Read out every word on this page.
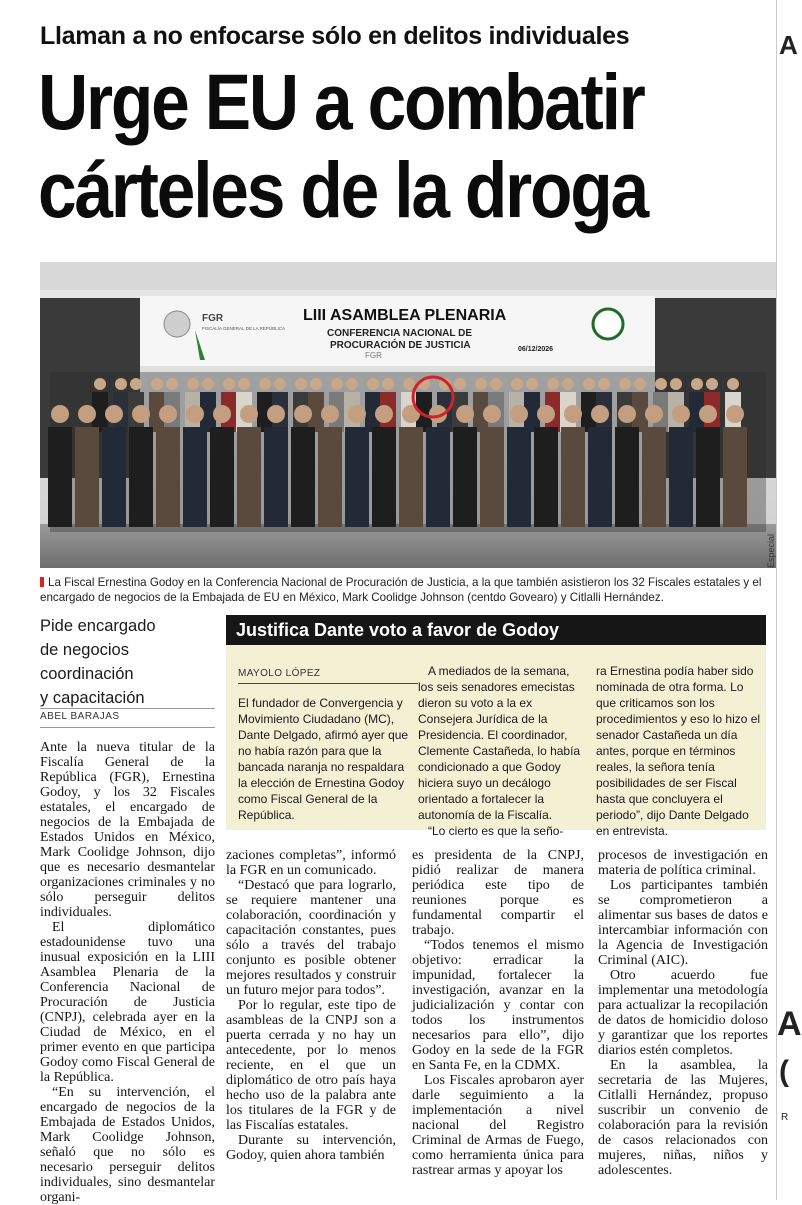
Llaman a no enfocarse sólo en delitos individuales
Urge EU a combatir
cárteles de la droga
LIII ASAMBLEA PLENARIA
CONFERENCIA NACIONAL DE
PROCURACIÓN DE JUSTICIA	06/12/2026
FGR
FISCALÍA GENERAL DE LA REPÚBLICA
FGR
Especial
La Fiscal Ernestina Godoy en la Conferencia Nacional de Procuración de Justicia, a la que también asistieron los 32 Fiscales estatales y el encargado de negocios de la Embajada de EU en México, Mark Coolidge Johnson (centdo Govearo) y Citlalli Hernández.
Pide encargado
de negocios
coordinación
y capacitación
ABEL BARAJAS
Justifica Dante voto a favor de Godoy
MAYOLO LÓPEZ

El fundador de Convergencia y Movimiento Ciudadano (MC), Dante Delgado, afirmó ayer que no había razón para que la bancada naranja no respaldara la elección de Ernestina Godoy como Fiscal General de la República.

A mediados de la semana, los seis senadores emecistas dieron su voto a la ex Consejera Jurídica de la Presidencia. El coordinador, Clemente Castañeda, lo había condicionado a que Godoy hiciera suyo un decálogo orientado a fortalecer la autonomía de la Fiscalía.

“Lo cierto es que la seño-

ra Ernestina podía haber sido nominada de otra forma. Lo que criticamos son los procedimientos y eso lo hizo el senador Castañeda un día antes, porque en términos reales, la señora tenía posibilidades de ser Fiscal hasta que concluyera el periodo”, dijo Dante Delgado en entrevista.

Ante la nueva titular de la Fiscalía General de la República (FGR), Ernestina Godoy, y los 32 Fiscales estatales, el encargado de negocios de la Embajada de Estados Unidos en México, Mark Coolidge Johnson, dijo que es necesario desmantelar organizaciones criminales y no sólo perseguir delitos individuales.

El diplomático estadounidense tuvo una inusual exposición en la LIII Asamblea Plenaria de la Conferencia Nacional de Procuración de Justicia (CNPJ), celebrada ayer en la Ciudad de México, en el primer evento en que participa Godoy como Fiscal General de la República.

“En su intervención, el encargado de negocios de la Embajada de Estados Unidos, Mark Coolidge Johnson, señaló que no sólo es necesario perseguir delitos individuales, sino desmantelar organi-

zaciones completas”, informó la FGR en un comunicado.

“Destacó que para lograrlo, se requiere mantener una colaboración, coordinación y capacitación constantes, pues sólo a través del trabajo conjunto es posible obtener mejores resultados y construir un futuro mejor para todos”.

Por lo regular, este tipo de asambleas de la CNPJ son a puerta cerrada y no hay un antecedente, por lo menos reciente, en el que un diplomático de otro país haya hecho uso de la palabra ante los titulares de la FGR y de las Fiscalías estatales.

Durante su intervención, Godoy, quien ahora también

es presidenta de la CNPJ, pidió realizar de manera periódica este tipo de reuniones porque es fundamental compartir el trabajo.

“Todos tenemos el mismo objetivo: erradicar la impunidad, fortalecer la investigación, avanzar en la judicialización y contar con todos los instrumentos necesarios para ello”, dijo Godoy en la sede de la FGR en Santa Fe, en la CDMX.

Los Fiscales aprobaron ayer darle seguimiento a la implementación a nivel nacional del Registro Criminal de Armas de Fuego, como herramienta única para rastrear armas y apoyar los

procesos de investigación en materia de política criminal.

Los participantes también se comprometieron a alimentar sus bases de datos e intercambiar información con la Agencia de Investigación Criminal (AIC).

Otro acuerdo fue implementar una metodología para actualizar la recopilación de datos de homicidio doloso y garantizar que los reportes diarios estén completos.

En la asamblea, la secretaria de las Mujeres, Citlalli Hernández, propuso suscribir un convenio de colaboración para la revisión de casos relacionados con mujeres, niñas, niños y adolescentes.

A
A
(
R
